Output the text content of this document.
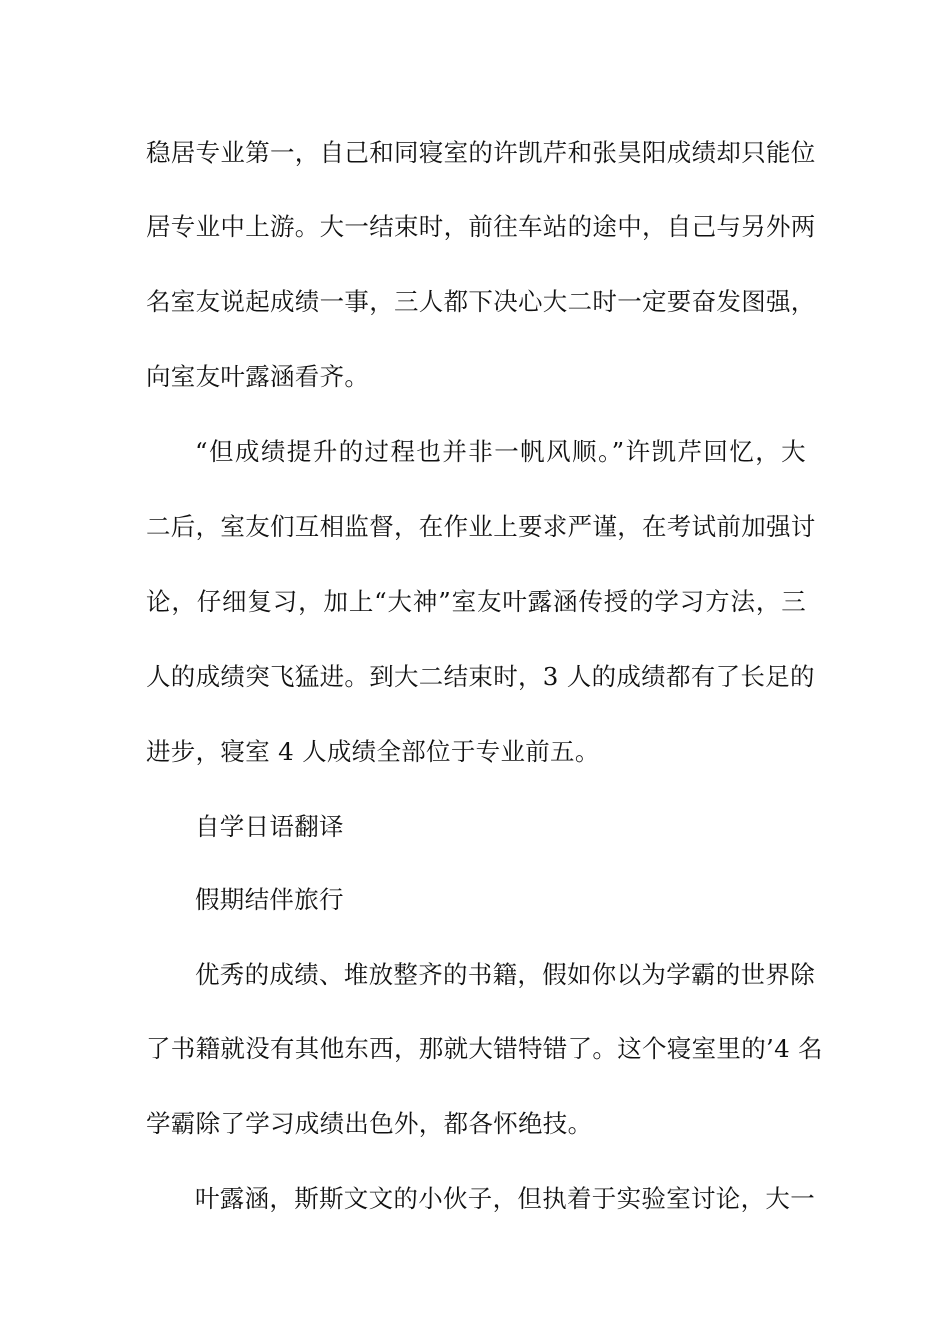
稳居专业第一，自己和同寝室的许凯芹和张昊阳成绩却只能位
居专业中上游。大一结束时，前往车站的途中，自己与另外两
名室友说起成绩一事，三人都下决心大二时一定要奋发图强，
向室友叶露涵看齐。
“但成绩提升的过程也并非一帆风顺。”许凯芹回忆，大
二后，室友们互相监督，在作业上要求严谨，在考试前加强讨
论，仔细复习，加上“大神”室友叶露涵传授的学习方法，三
人的成绩突飞猛进。到大二结束时，3 人的成绩都有了长足的
进步，寝室 4 人成绩全部位于专业前五。
自学日语翻译
假期结伴旅行
优秀的成绩、堆放整齐的书籍，假如你以为学霸的世界除
了书籍就没有其他东西，那就大错特错了。这个寝室里的’4 名
学霸除了学习成绩出色外，都各怀绝技。
叶露涵，斯斯文文的小伙子，但执着于实验室讨论，大一
